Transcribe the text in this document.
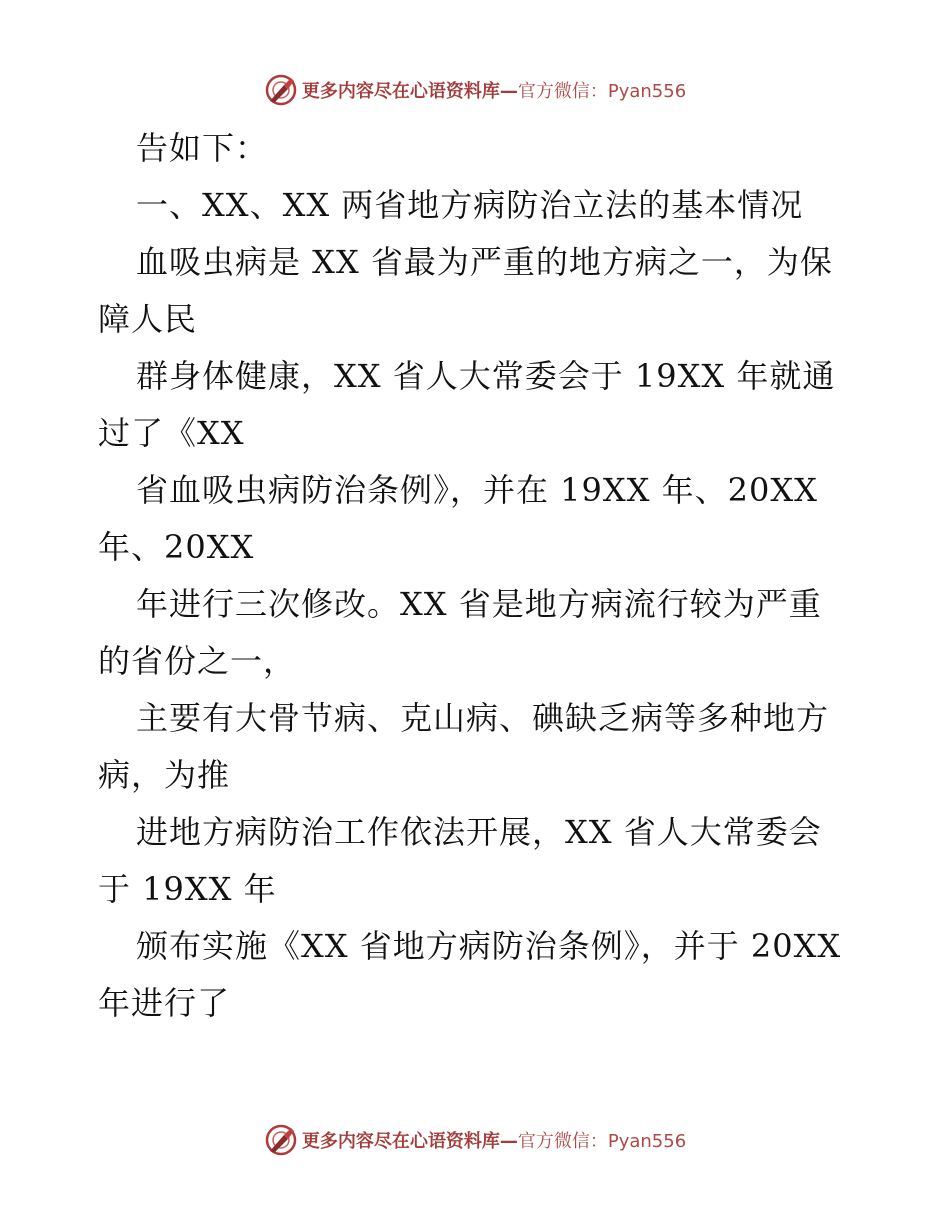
更多内容尽在心语资料库—官方微信：Pyan556
告如下：
一、XX、XX 两省地方病防治立法的基本情况
血吸虫病是 XX 省最为严重的地方病之一，为保
障人民
群身体健康，XX 省人大常委会于 19XX 年就通
过了《XX
省血吸虫病防治条例》，并在 19XX 年、20XX
年、20XX
年进行三次修改。XX 省是地方病流行较为严重
的省份之一，
主要有大骨节病、克山病、碘缺乏病等多种地方
病，为推
进地方病防治工作依法开展，XX 省人大常委会
于 19XX 年
颁布实施《XX 省地方病防治条例》，并于 20XX
年进行了
更多内容尽在心语资料库—官方微信：Pyan556
